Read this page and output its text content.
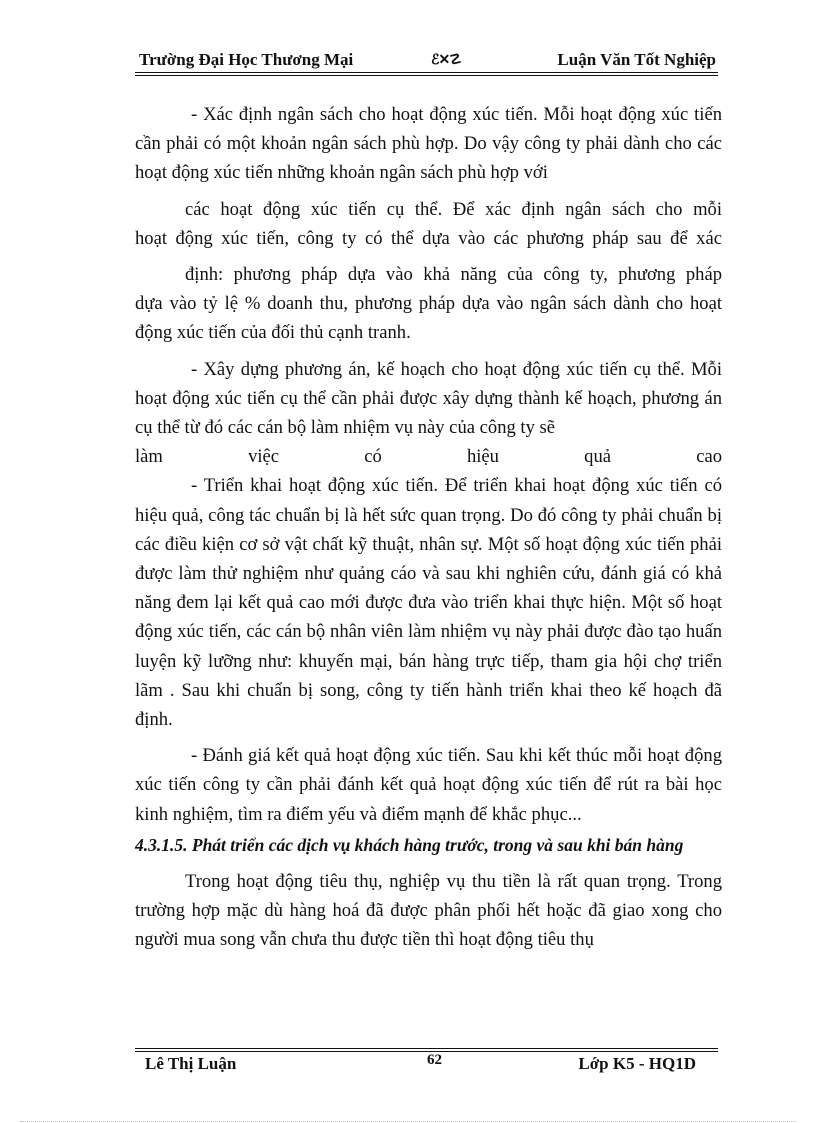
Trường Đại Học Thương Mại	ℰ✕☡	Luận Văn Tốt Nghiệp

- Xác định ngân sách cho hoạt động xúc tiến. Mỗi hoạt động xúc tiến cần phải có một khoản ngân sách phù hợp. Do vậy công ty phải dành cho các hoạt động xúc tiến những khoản ngân sách phù hợp với

các hoạt động xúc tiến cụ thể. Để xác định ngân sách cho mỗi

hoạt động xúc tiến, công ty có thể dựa vào các phương pháp sau để xác

định: phương pháp dựa vào khả năng của công ty, phương pháp

dựa vào tỷ lệ % doanh thu, phương pháp dựa vào ngân sách dành cho hoạt động xúc tiến của đối thủ cạnh tranh.

- Xây dựng phương án, kế hoạch cho hoạt động xúc tiến cụ thể. Mỗi hoạt động xúc tiến cụ thể cần phải được xây dựng thành kế hoạch, phương án cụ thể từ đó các cán bộ làm nhiệm vụ này của công ty sẽ

làm việc có hiệu quả cao

- Triển khai hoạt động xúc tiến. Để triển khai hoạt động xúc tiến có hiệu quả, công tác chuẩn bị là hết sức quan trọng. Do đó công ty phải chuẩn bị các điều kiện cơ sở vật chất kỹ thuật, nhân sự. Một số hoạt động xúc tiến phải được làm thử nghiệm như quảng cáo và sau khi nghiên cứu, đánh giá có khả năng đem lại kết quả cao mới được đưa vào triển khai thực hiện. Một số hoạt động xúc tiến, các cán bộ nhân viên làm nhiệm vụ này phải được đào tạo huấn luyện kỹ lưỡng như: khuyến mại, bán hàng trực tiếp, tham gia hội chợ triển lãm . Sau khi chuẩn bị song, công ty tiến hành triển khai theo kế hoạch đã định.

- Đánh giá kết quả hoạt động xúc tiến. Sau khi kết thúc mỗi hoạt động xúc tiến công ty cần phải đánh kết quả hoạt động xúc tiến để rút ra bài học kinh nghiệm, tìm ra điểm yếu và điểm mạnh để khắc phục...

4.3.1.5. Phát triển các dịch vụ khách hàng trước, trong và sau khi bán hàng

Trong hoạt động tiêu thụ, nghiệp vụ thu tiền là rất quan trọng. Trong trường hợp mặc dù hàng hoá đã được phân phối hết hoặc đã giao xong cho người mua song vẫn chưa thu được tiền thì hoạt động tiêu thụ

Lê Thị Luận	62	Lớp K5 - HQ1D
